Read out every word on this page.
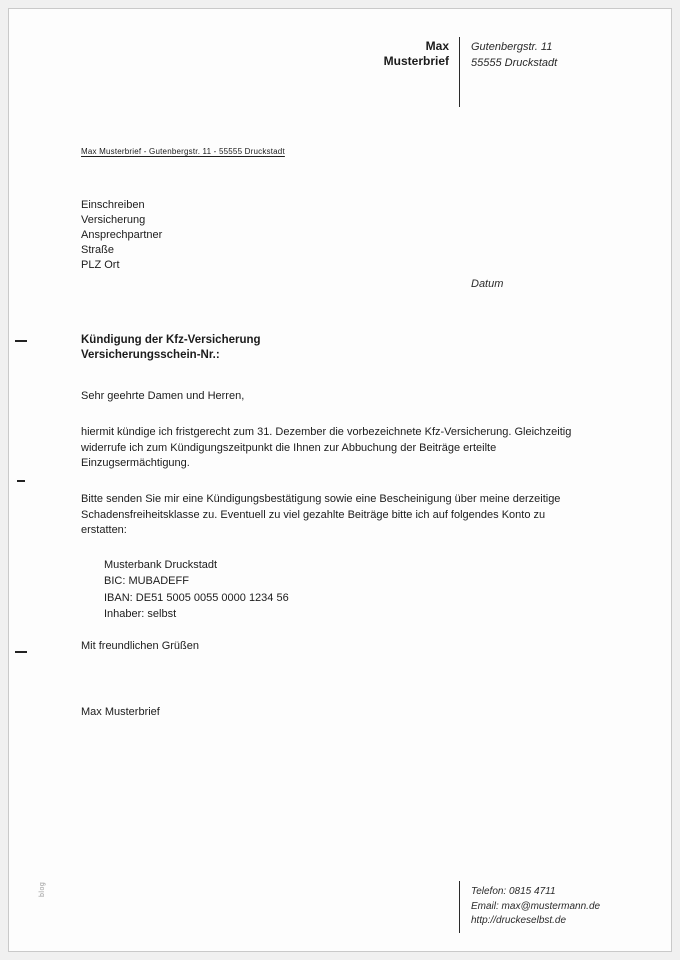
Max
Musterbrief
Gutenbergstr. 11
55555 Druckstadt
Max Musterbrief - Gutenbergstr. 11 - 55555 Druckstadt
Einschreiben
Versicherung
Ansprechpartner
Straße
PLZ Ort
Datum
Kündigung der Kfz-Versicherung
Versicherungsschein-Nr.:
Sehr geehrte Damen und Herren,
hiermit kündige ich fristgerecht zum 31. Dezember die vorbezeichnete Kfz-Versicherung. Gleichzeitig widerrufe ich zum Kündigungszeitpunkt die Ihnen zur Abbuchung der Beiträge erteilte Einzugsermächtigung.
Bitte senden Sie mir eine Kündigungsbestätigung sowie eine Bescheinigung über meine derzeitige Schadensfreiheitsklasse zu. Eventuell zu viel gezahlte Beiträge bitte ich auf folgendes Konto zu erstatten:
Musterbank Druckstadt
BIC: MUBADEFF
IBAN: DE51 5005 0055 0000 1234 56
Inhaber: selbst
Mit freundlichen Grüßen
Max Musterbrief
Telefon: 0815 4711
Email: max@mustermann.de
http://druckeselbst.de
blog
